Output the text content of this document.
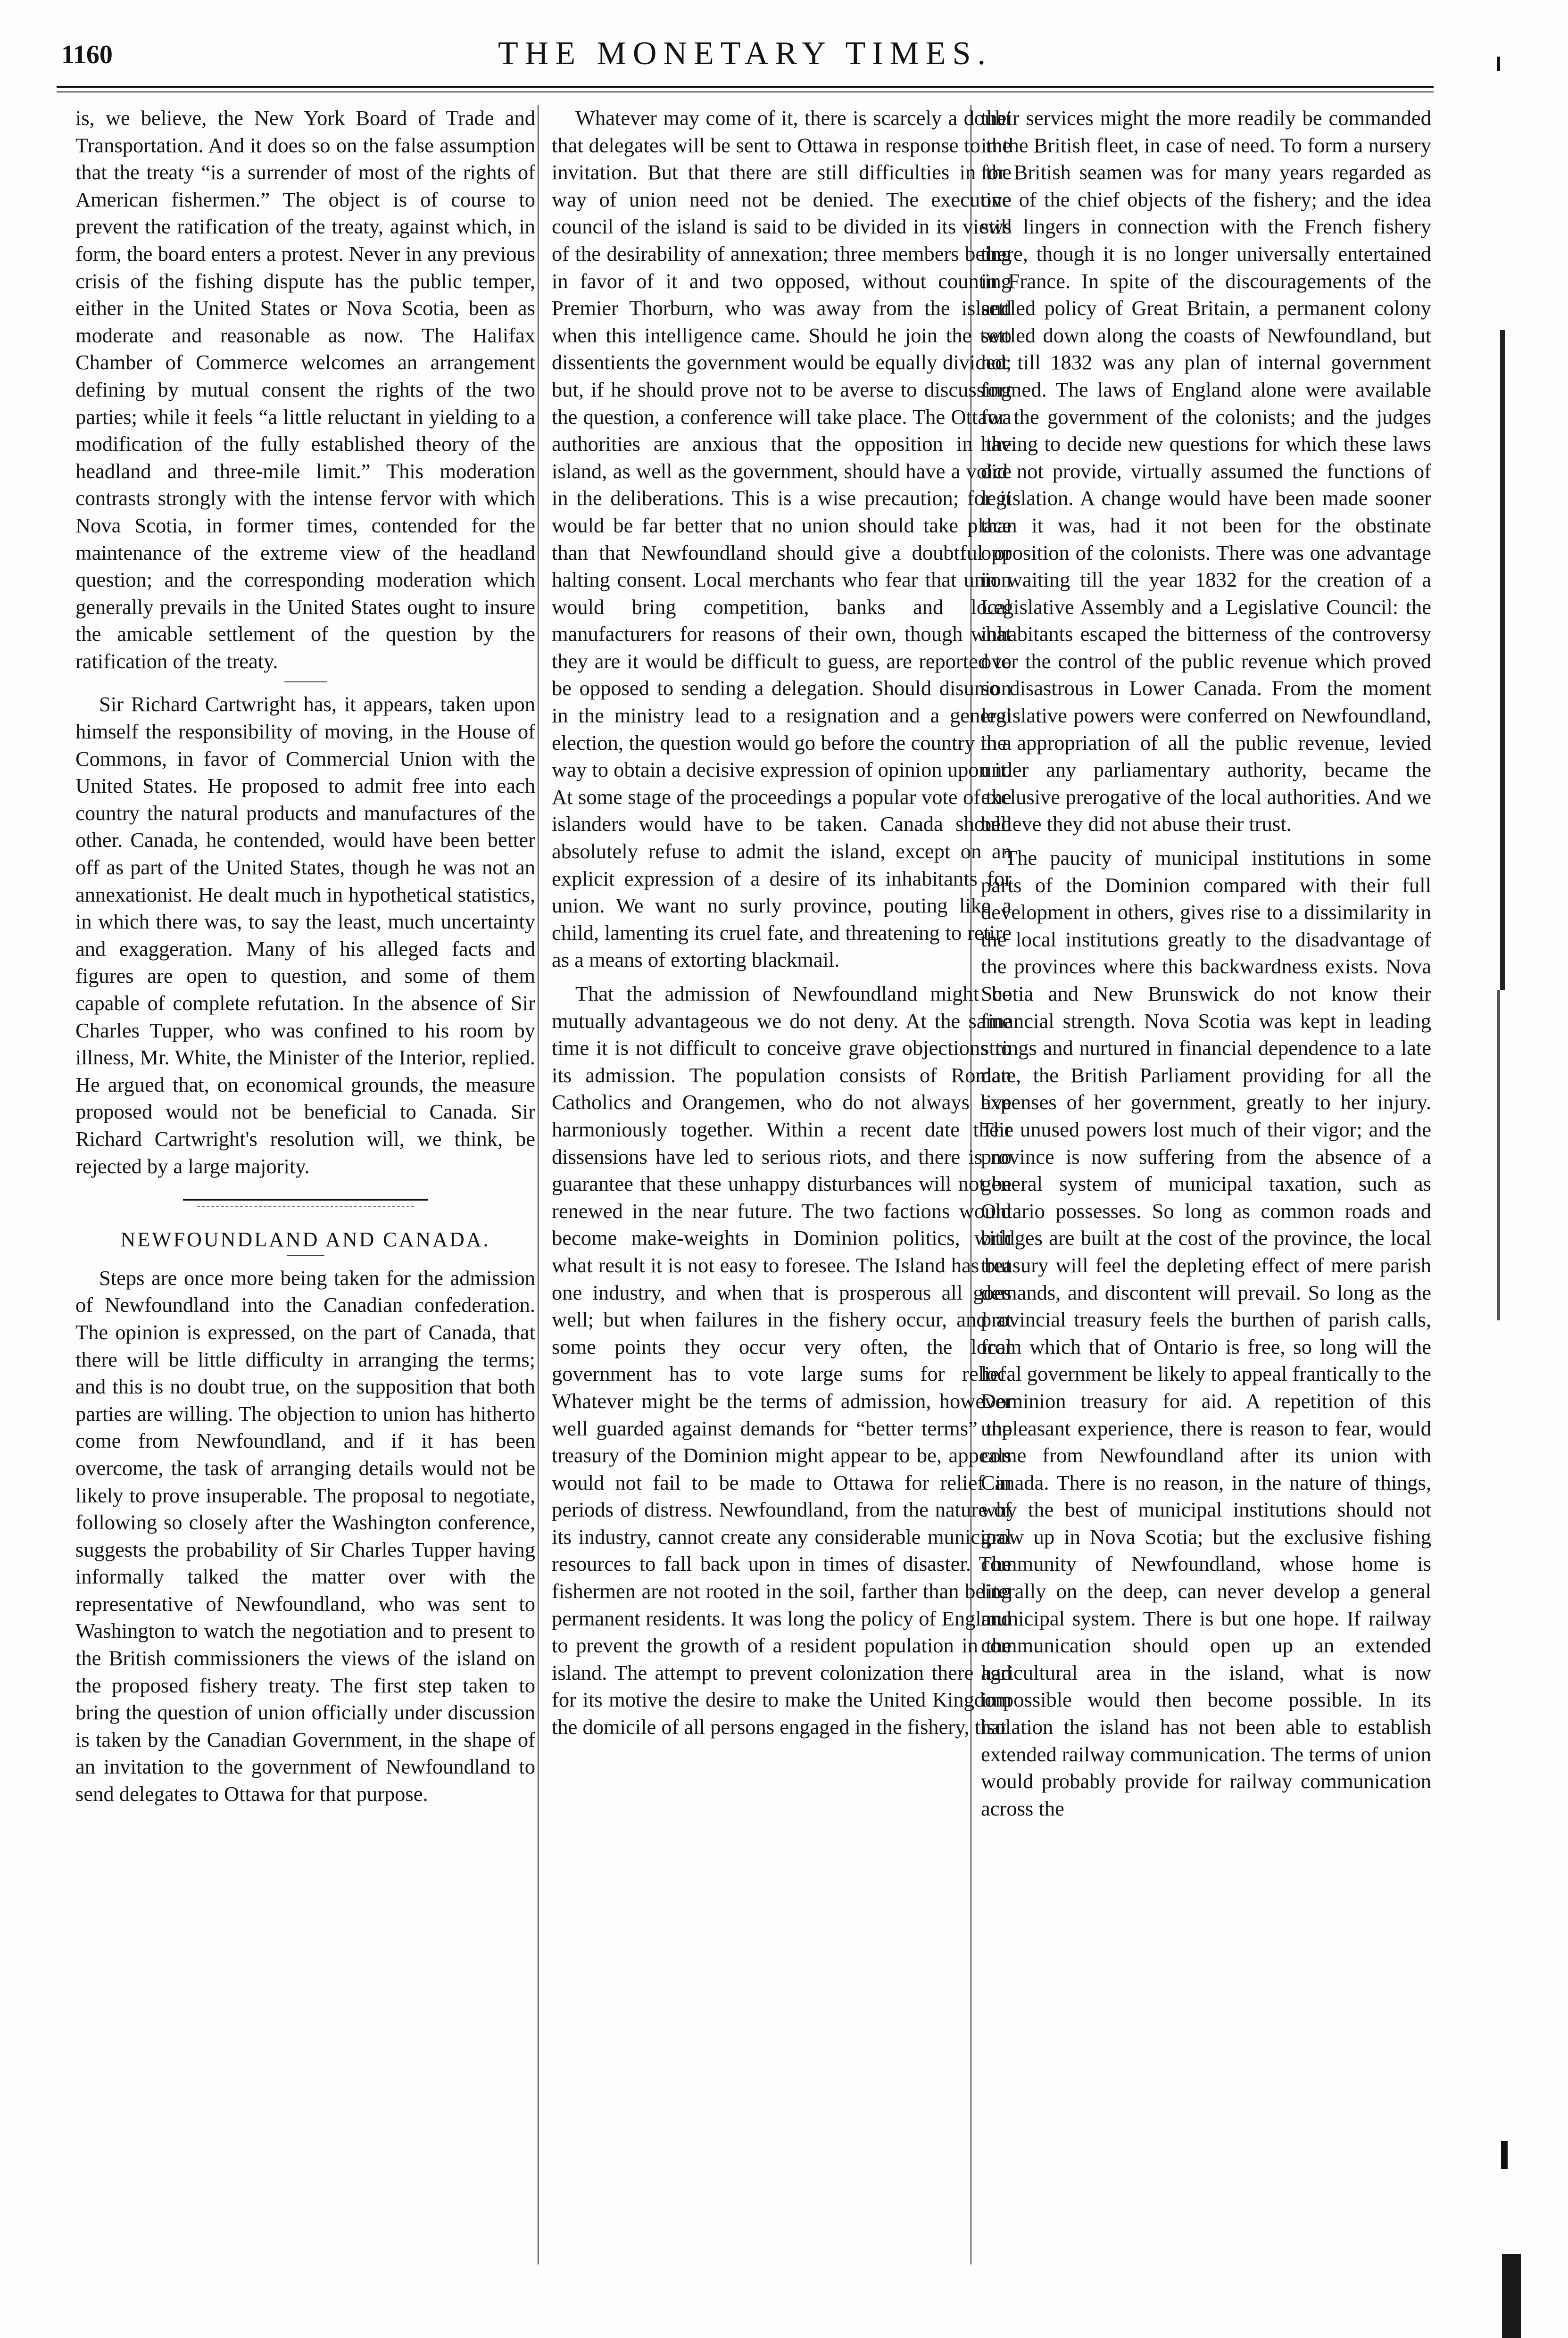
1160	THE MONETARY TIMES.

is, we believe, the New York Board of Trade and Transportation. And it does so on the false assumption that the treaty “is a surrender of most of the rights of American fishermen.” The object is of course to prevent the ratification of the treaty, against which, in form, the board enters a protest. Never in any previous crisis of the fishing dispute has the public temper, either in the United States or Nova Scotia, been as moderate and reasonable as now. The Halifax Chamber of Commerce welcomes an arrangement defining by mutual consent the rights of the two parties; while it feels “a little reluctant in yielding to a modification of the fully established theory of the headland and three-mile limit.” This moderation contrasts strongly with the intense fervor with which Nova Scotia, in former times, contended for the maintenance of the extreme view of the headland question; and the corresponding moderation which generally prevails in the United States ought to insure the amicable settlement of the question by the ratification of the treaty.

Sir Richard Cartwright has, it appears, taken upon himself the responsibility of moving, in the House of Commons, in favor of Commercial Union with the United States. He proposed to admit free into each country the natural products and manufactures of the other. Canada, he contended, would have been better off as part of the United States, though he was not an annexationist. He dealt much in hypothetical statistics, in which there was, to say the least, much uncertainty and exaggeration. Many of his alleged facts and figures are open to question, and some of them capable of complete refutation. In the absence of Sir Charles Tupper, who was confined to his room by illness, Mr. White, the Minister of the Interior, replied. He argued that, on economical grounds, the measure proposed would not be beneficial to Canada. Sir Richard Cartwright's resolution will, we think, be rejected by a large majority.

NEWFOUNDLAND AND CANADA.

Steps are once more being taken for the admission of Newfoundland into the Canadian confederation. The opinion is expressed, on the part of Canada, that there will be little difficulty in arranging the terms; and this is no doubt true, on the supposition that both parties are willing. The objection to union has hitherto come from Newfoundland, and if it has been overcome, the task of arranging details would not be likely to prove insuperable. The proposal to negotiate, following so closely after the Washington conference, suggests the probability of Sir Charles Tupper having informally talked the matter over with the representative of Newfoundland, who was sent to Washington to watch the negotiation and to present to the British commissioners the views of the island on the proposed fishery treaty. The first step taken to bring the question of union officially under discussion is taken by the Canadian Government, in the shape of an invitation to the government of Newfoundland to send delegates to Ottawa for that purpose.

Whatever may come of it, there is scarcely a doubt that delegates will be sent to Ottawa in response to the invitation. But that there are still difficulties in the way of union need not be denied. The executive council of the island is said to be divided in its views of the desirability of annexation; three members being in favor of it and two opposed, without counting Premier Thorburn, who was away from the island when this intelligence came. Should he join the two dissentients the government would be equally divided; but, if he should prove not to be averse to discussing the question, a conference will take place. The Ottawa authorities are anxious that the opposition in the island, as well as the government, should have a voice in the deliberations. This is a wise precaution; for it would be far better that no union should take place than that Newfoundland should give a doubtful or halting consent. Local merchants who fear that union would bring competition, banks and local manufacturers for reasons of their own, though what they are it would be difficult to guess, are reported to be opposed to sending a delegation. Should disunion in the ministry lead to a resignation and a general election, the question would go before the country in a way to obtain a decisive expression of opinion upon it. At some stage of the proceedings a popular vote of the islanders would have to be taken. Canada should absolutely refuse to admit the island, except on an explicit expression of a desire of its inhabitants for union. We want no surly province, pouting like a child, lamenting its cruel fate, and threatening to retire as a means of extorting blackmail.

That the admission of Newfoundland might be mutually advantageous we do not deny. At the same time it is not difficult to conceive grave objections to its admission. The population consists of Roman Catholics and Orangemen, who do not always live harmoniously together. Within a recent date their dissensions have led to serious riots, and there is no guarantee that these unhappy disturbances will not be renewed in the near future. The two factions would become make-weights in Dominion politics, with what result it is not easy to foresee. The Island has but one industry, and when that is prosperous all goes well; but when failures in the fishery occur, and at some points they occur very often, the local government has to vote large sums for relief. Whatever might be the terms of admission, however well guarded against demands for “better terms” the treasury of the Dominion might appear to be, appeals would not fail to be made to Ottawa for relief in periods of distress. Newfoundland, from the nature of its industry, cannot create any considerable municipal resources to fall back upon in times of disaster. The fishermen are not rooted in the soil, farther than being permanent residents. It was long the policy of England to prevent the growth of a resident population in the island. The attempt to prevent colonization there had for its motive the desire to make the United Kingdom the domicile of all persons engaged in the fishery, that

their services might the more readily be commanded in the British fleet, in case of need. To form a nursery for British seamen was for many years regarded as one of the chief objects of the fishery; and the idea still lingers in connection with the French fishery there, though it is no longer universally entertained in France. In spite of the discouragements of the settled policy of Great Britain, a permanent colony settled down along the coasts of Newfoundland, but not till 1832 was any plan of internal government formed. The laws of England alone were available for the government of the colonists; and the judges having to decide new questions for which these laws did not provide, virtually assumed the functions of legislation. A change would have been made sooner than it was, had it not been for the obstinate opposition of the colonists. There was one advantage in waiting till the year 1832 for the creation of a Legislative Assembly and a Legislative Council: the inhabitants escaped the bitterness of the controversy over the control of the public revenue which proved so disastrous in Lower Canada. From the moment legislative powers were conferred on Newfoundland, the appropriation of all the public revenue, levied under any parliamentary authority, became the exclusive prerogative of the local authorities. And we believe they did not abuse their trust.

The paucity of municipal institutions in some parts of the Dominion compared with their full development in others, gives rise to a dissimilarity in the local institutions greatly to the disadvantage of the provinces where this backwardness exists. Nova Scotia and New Brunswick do not know their financial strength. Nova Scotia was kept in leading strings and nurtured in financial dependence to a late date, the British Parliament providing for all the expenses of her government, greatly to her injury. The unused powers lost much of their vigor; and the province is now suffering from the absence of a general system of municipal taxation, such as Ontario possesses. So long as common roads and bridges are built at the cost of the province, the local treasury will feel the depleting effect of mere parish demands, and discontent will prevail. So long as the provincial treasury feels the burthen of parish calls, from which that of Ontario is free, so long will the local government be likely to appeal frantically to the Dominion treasury for aid. A repetition of this unpleasant experience, there is reason to fear, would come from Newfoundland after its union with Canada. There is no reason, in the nature of things, why the best of municipal institutions should not grow up in Nova Scotia; but the exclusive fishing community of Newfoundland, whose home is literally on the deep, can never develop a general municipal system. There is but one hope. If railway communication should open up an extended agricultural area in the island, what is now impossible would then become possible. In its isolation the island has not been able to establish extended railway communication. The terms of union would probably provide for railway communication across the
